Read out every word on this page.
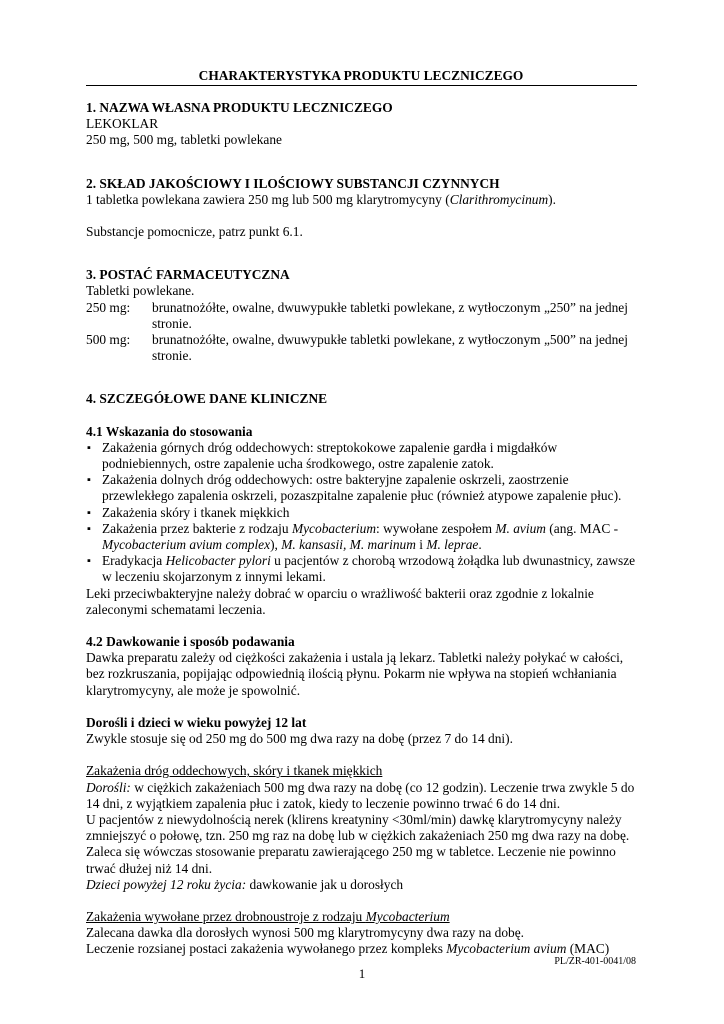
CHARAKTERYSTYKA PRODUKTU LECZNICZEGO

1. NAZWA WŁASNA PRODUKTU LECZNICZEGO

LEKOKLAR

250 mg, 500 mg, tabletki powlekane

2. SKŁAD JAKOŚCIOWY I ILOŚCIOWY SUBSTANCJI CZYNNYCH

1 tabletka powlekana zawiera 250 mg lub 500 mg klarytromycyny (Clarithromycinum).

Substancje pomocnicze, patrz punkt 6.1.

3. POSTAĆ FARMACEUTYCZNA

Tabletki powlekane.

250 mg:	brunatnożółte, owalne, dwuwypukłe tabletki powlekane, z wytłoczonym „250” na jednej stronie.
500 mg:	brunatnożółte, owalne, dwuwypukłe tabletki powlekane, z wytłoczonym „500” na jednej stronie.

4. SZCZEGÓŁOWE DANE KLINICZNE

4.1 Wskazania do stosowania

▪ Zakażenia górnych dróg oddechowych: streptokokowe zapalenie gardła i migdałków podniebiennych, ostre zapalenie ucha środkowego, ostre zapalenie zatok.
▪ Zakażenia dolnych dróg oddechowych: ostre bakteryjne zapalenie oskrzeli, zaostrzenie przewlekłego zapalenia oskrzeli, pozaszpitalne zapalenie płuc (również atypowe zapalenie płuc).
▪ Zakażenia skóry i tkanek miękkich
▪ Zakażenia przez bakterie z rodzaju Mycobacterium: wywołane zespołem M. avium (ang. MAC - Mycobacterium avium complex), M. kansasii, M. marinum i M. leprae.
▪ Eradykacja Helicobacter pylori u pacjentów z chorobą wrzodową żołądka lub dwunastnicy, zawsze w leczeniu skojarzonym z innymi lekami.

Leki przeciwbakteryjne należy dobrać w oparciu o wrażliwość bakterii oraz zgodnie z lokalnie zaleconymi schematami leczenia.

4.2 Dawkowanie i sposób podawania

Dawka preparatu zależy od ciężkości zakażenia i ustala ją lekarz. Tabletki należy połykać w całości, bez rozkruszania, popijając odpowiednią ilością płynu. Pokarm nie wpływa na stopień wchłaniania klarytromycyny, ale może je spowolnić.

Dorośli i dzieci w wieku powyżej 12 lat

Zwykle stosuje się od 250 mg do 500 mg dwa razy na dobę (przez 7 do 14 dni).

Zakażenia dróg oddechowych, skóry i tkanek miękkich

Dorośli: w ciężkich zakażeniach 500 mg dwa razy na dobę (co 12 godzin). Leczenie trwa zwykle 5 do 14 dni, z wyjątkiem zapalenia płuc i zatok, kiedy to leczenie powinno trwać 6 do 14 dni.

U pacjentów z niewydolnością nerek (klirens kreatyniny <30ml/min) dawkę klarytromycyny należy zmniejszyć o połowę, tzn. 250 mg raz na dobę lub w ciężkich zakażeniach 250 mg dwa razy na dobę. Zaleca się wówczas stosowanie preparatu zawierającego 250 mg w tabletce. Leczenie nie powinno trwać dłużej niż 14 dni.

Dzieci powyżej 12 roku życia: dawkowanie jak u dorosłych

Zakażenia wywołane przez drobnoustroje z rodzaju Mycobacterium

Zalecana dawka dla dorosłych wynosi 500 mg klarytromycyny dwa razy na dobę.

Leczenie rozsianej postaci zakażenia wywołanego przez kompleks Mycobacterium avium (MAC)

PL/ZR-401-0041/08
1
